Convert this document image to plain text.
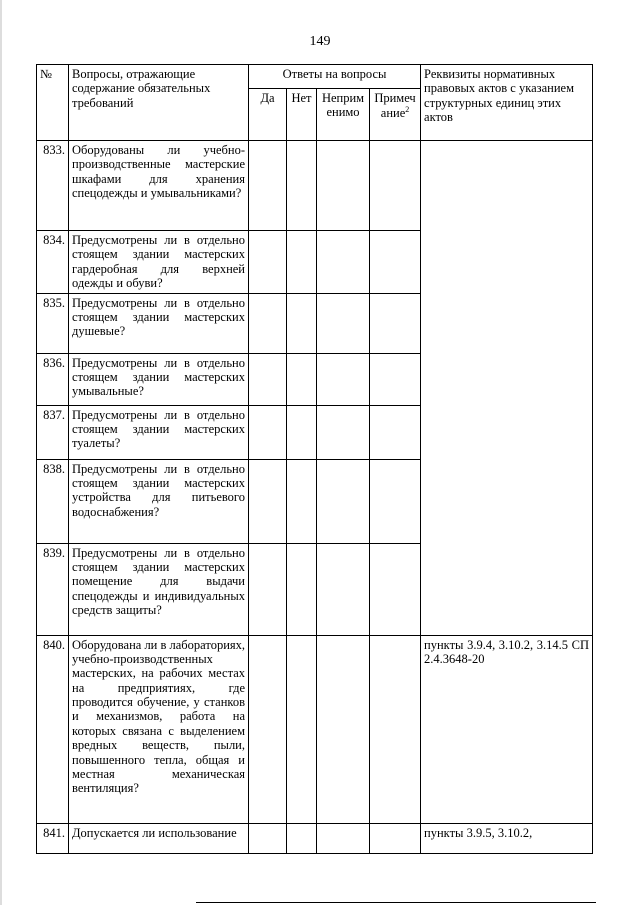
149
№	Вопросы, отражающие содержание обязательных требований	Ответы на вопросы				Реквизиты нормативных правовых актов с указанием структурных единиц этих актов
		Да	Нет	Неприм енимо	Примеч ание$^2$
833.	Оборудованы ли учебно-производственные мастерские шкафами для хранения спецодежды и умывальниками?					
834.	Предусмотрены ли в отдельно стоящем здании мастерских гардеробная для верхней одежды и обуви?					
835.	Предусмотрены ли в отдельно стоящем здании мастерских душевые?					
836.	Предусмотрены ли в отдельно стоящем здании мастерских умывальные?					
837.	Предусмотрены ли в отдельно стоящем здании мастерских туалеты?					
838.	Предусмотрены ли в отдельно стоящем здании мастерских устройства для питьевого водоснабжения?					
839.	Предусмотрены ли в отдельно стоящем здании мастерских помещение для выдачи спецодежды и индивидуальных средств защиты?					
840.	Оборудована ли в лабораториях, учебно-производственных мастерских, на рабочих местах на предприятиях, где проводится обучение, у станков и механизмов, работа на которых связана с выделением вредных веществ, пыли, повышенного тепла, общая и местная механическая вентиляция?					пункты 3.9.4, 3.10.2, 3.14.5 СП 2.4.3648-20
841.	Допускается ли использование					пункты 3.9.5, 3.10.2,
